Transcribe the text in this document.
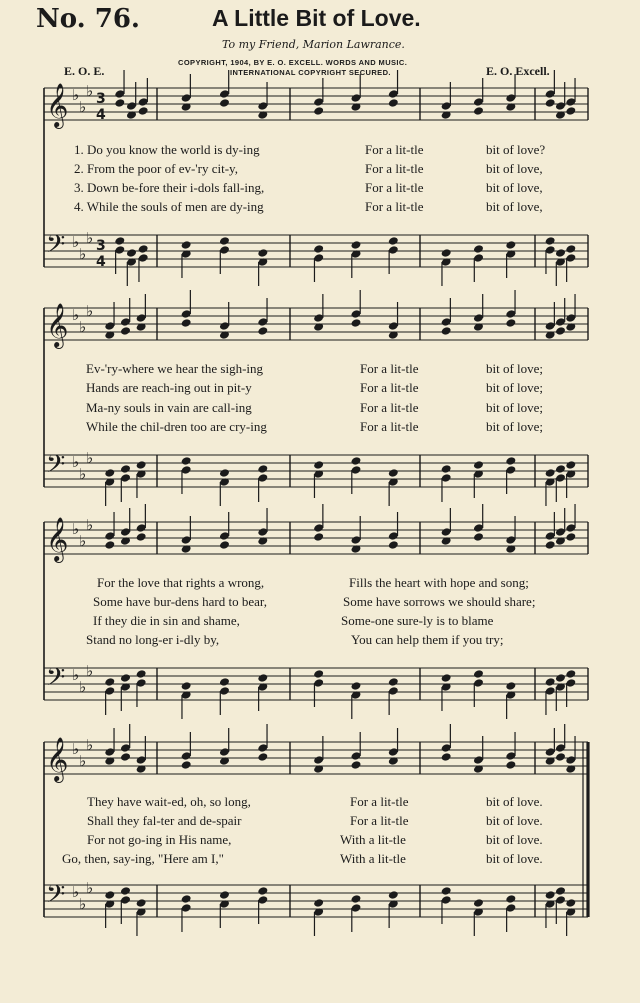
No. 76.	A Little Bit of Love.
To my Friend, Marion Lawrance.
COPYRIGHT, 1904, BY E. O. EXCELL. WORDS AND MUSIC.
INTERNATIONAL COPYRIGHT SECURED.
E. O. E.	E. O. Excell.
𝄞 ♭
♭
♭ 3
4
𝄢 ♭
♭
♭ 3
4
𝄞 ♭
♭
♭
𝄢 ♭
♭
♭
𝄞 ♭
♭
♭
𝄢 ♭
♭
♭
𝄞 ♭
♭
♭
𝄢 ♭
♭
♭
1. Do you know the world is dy-ing	For a lit-tle	bit of love?
2. From the poor of ev-'ry cit-y,	For a lit-tle	bit of love,
3. Down be-fore their i-dols fall-ing,	For a lit-tle	bit of love,
4. While the souls of men are dy-ing	For a lit-tle	bit of love,
Ev-'ry-where we hear the sigh-ing	For a lit-tle	bit of love;
Hands are reach-ing out in pit-y	For a lit-tle	bit of love;
Ma-ny souls in vain are call-ing	For a lit-tle	bit of love;
While the chil-dren too are cry-ing	For a lit-tle	bit of love;
For the love that rights a wrong,	Fills the heart with hope and song;
Some have bur-dens hard to bear,	Some have sorrows we should share;
If they die in sin and shame,	Some-one sure-ly is to blame
Stand no long-er i-dly by,	You can help them if you try;
They have wait-ed, oh, so long,	For a lit-tle	bit of love.
Shall they fal-ter and de-spair	For a lit-tle	bit of love.
For not go-ing in His name,	With a lit-tle	bit of love.
Go, then, say-ing, "Here am I,"	With a lit-tle	bit of love.
